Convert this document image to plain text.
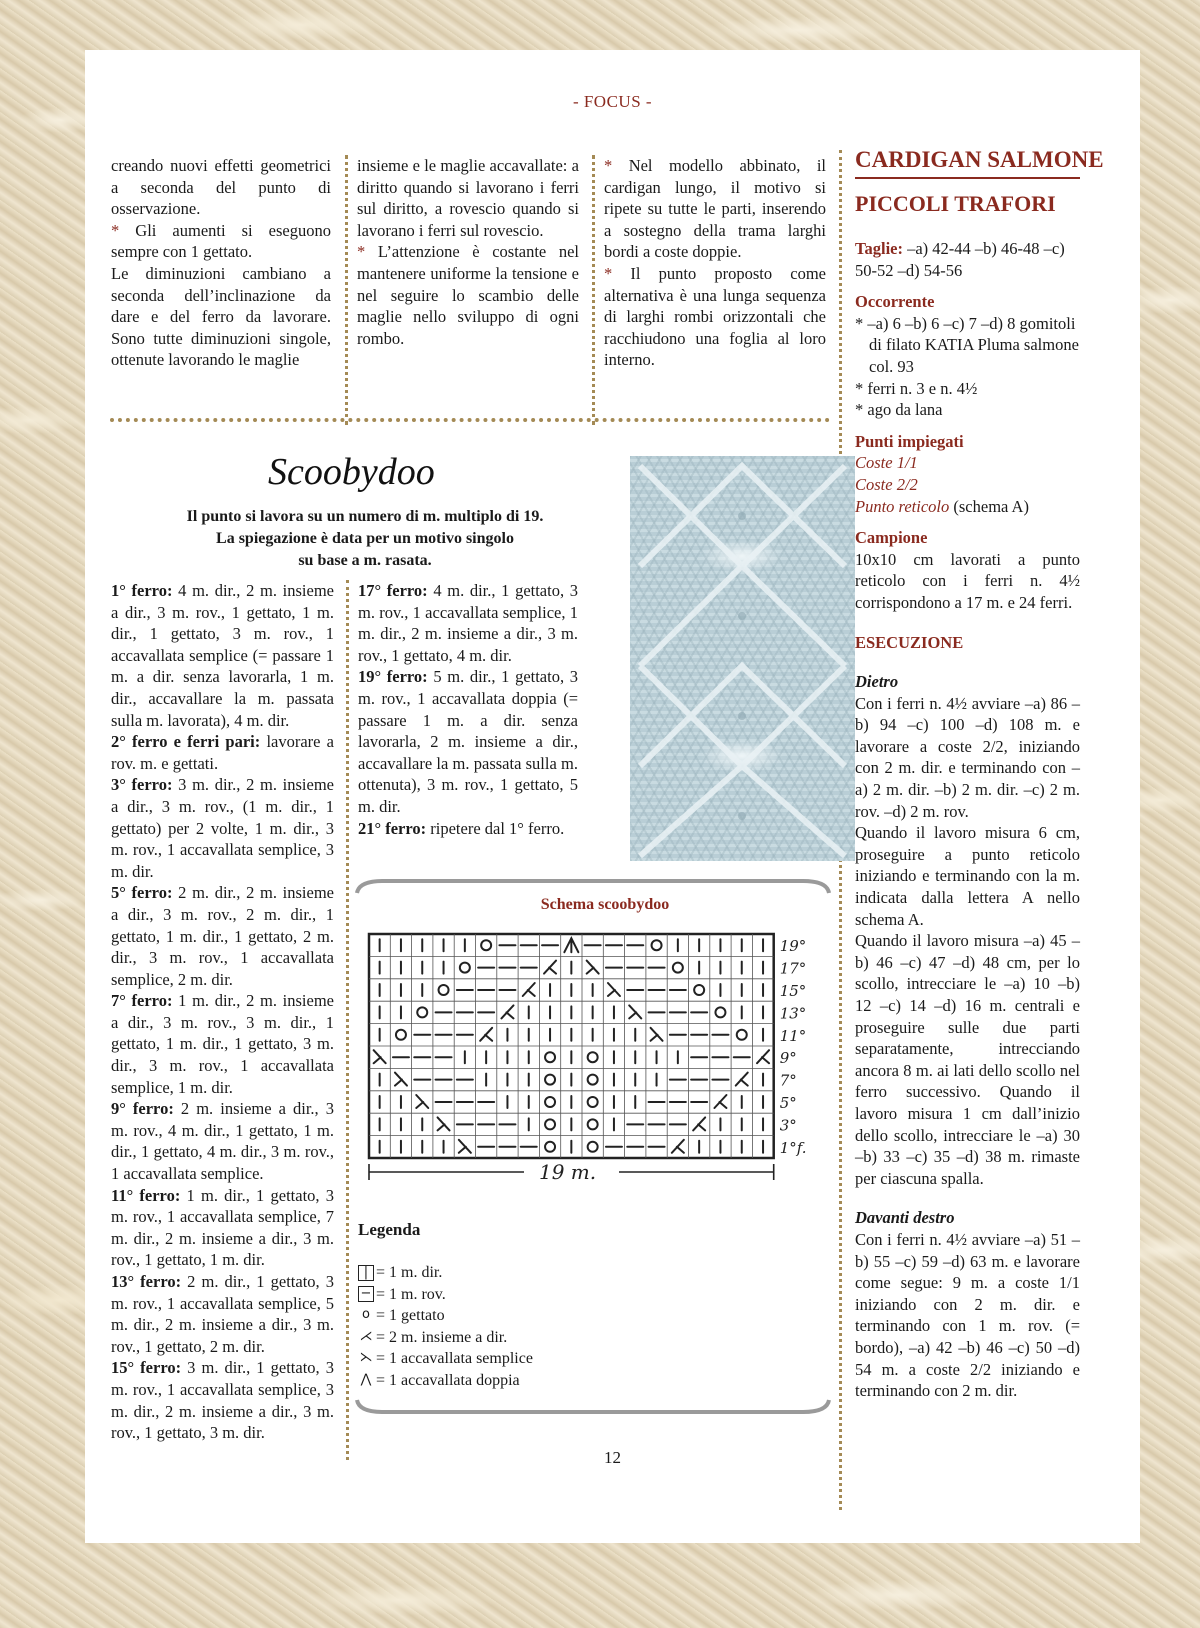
- FOCUS -

creando nuovi effetti geometrici a seconda del punto di osservazione.

* Gli aumenti si eseguono sempre con 1 gettato.

Le diminuzioni cambiano a seconda dell’inclinazione da dare e del ferro da lavorare. Sono tutte diminuzioni singole, ottenute lavorando le maglie

insieme e le maglie accavallate: a diritto quando si lavorano i ferri sul diritto, a rovescio quando si lavorano i ferri sul rovescio.

* L’attenzione è costante nel mantenere uniforme la tensione e nel seguire lo scambio delle maglie nello sviluppo di ogni rombo.

* Nel modello abbinato, il cardigan lungo, il motivo si ripete su tutte le parti, inserendo a sostegno della trama larghi bordi a coste doppie.

* Il punto proposto come alternativa è una lunga sequenza di larghi rombi orizzontali che racchiudono una foglia al loro interno.

Scoobydoo
Il punto si lavora su un numero di m. multiplo di 19.
La spiegazione è data per un motivo singolo
su base a m. rasata.

1° ferro: 4 m. dir., 2 m. insieme a dir., 3 m. rov., 1 gettato, 1 m. dir., 1 gettato, 3 m. rov., 1 accavallata semplice (= passare 1 m. a dir. senza lavorarla, 1 m. dir., accavallare la m. passata sulla m. lavorata), 4 m. dir.

2° ferro e ferri pari: lavorare a rov. m. e gettati.

3° ferro: 3 m. dir., 2 m. insieme a dir., 3 m. rov., (1 m. dir., 1 gettato) per 2 volte, 1 m. dir., 3 m. rov., 1 accavallata semplice, 3 m. dir.

5° ferro: 2 m. dir., 2 m. insieme a dir., 3 m. rov., 2 m. dir., 1 gettato, 1 m. dir., 1 gettato, 2 m. dir., 3 m. rov., 1 accavallata semplice, 2 m. dir.

7° ferro: 1 m. dir., 2 m. insieme a dir., 3 m. rov., 3 m. dir., 1 gettato, 1 m. dir., 1 gettato, 3 m. dir., 3 m. rov., 1 accavallata semplice, 1 m. dir.

9° ferro: 2 m. insieme a dir., 3 m. rov., 4 m. dir., 1 gettato, 1 m. dir., 1 gettato, 4 m. dir., 3 m. rov., 1 accavallata semplice.

11° ferro: 1 m. dir., 1 gettato, 3 m. rov., 1 accavallata semplice, 7 m. dir., 2 m. insieme a dir., 3 m. rov., 1 gettato, 1 m. dir.

13° ferro: 2 m. dir., 1 gettato, 3 m. rov., 1 accavallata semplice, 5 m. dir., 2 m. insieme a dir., 3 m. rov., 1 gettato, 2 m. dir.

15° ferro: 3 m. dir., 1 gettato, 3 m. rov., 1 accavallata semplice, 3 m. dir., 2 m. insieme a dir., 3 m. rov., 1 gettato, 3 m. dir.

17° ferro: 4 m. dir., 1 gettato, 3 m. rov., 1 accavallata semplice, 1 m. dir., 2 m. insieme a dir., 3 m. rov., 1 gettato, 4 m. dir.

19° ferro: 5 m. dir., 1 gettato, 3 m. rov., 1 accavallata doppia (= passare 1 m. a dir. senza lavorarla, 2 m. insieme a dir., accavallare la m. passata sulla m. ottenuta), 3 m. rov., 1 gettato, 5 m. dir.

21° ferro: ripetere dal 1° ferro.

Schema scoobydoo
19°
17°
15°
13°
11°
9°
7°
5°
3°
1°f.
19 m.
Legenda
| = 1 m. dir.
− = 1 m. rov.
o = 1 gettato
⋌ = 2 m. insieme a dir.
⋋ = 1 accavallata semplice
⋀ = 1 accavallata doppia
CARDIGAN SALMONE
PICCOLI TRAFORI

Taglie: –a) 42-44 –b) 46-48 –c) 50-52 –d) 54-56

Occorrente

* –a) 6 –b) 6 –c) 7 –d) 8 gomitoli di filato KATIA Pluma salmone col. 93

* ferri n. 3 e n. 4½

* ago da lana

Punti impiegati

Coste 1/1

Coste 2/2

Punto reticolo (schema A)

Campione

10x10 cm lavorati a punto reticolo con i ferri n. 4½ corrispondono a 17 m. e 24 ferri.

ESECUZIONE

Dietro

Con i ferri n. 4½ avviare –a) 86 –b) 94 –c) 100 –d) 108 m. e lavorare a coste 2/2, iniziando con 2 m. dir. e terminando con –a) 2 m. dir. –b) 2 m. dir. –c) 2 m. rov. –d) 2 m. rov.

Quando il lavoro misura 6 cm, proseguire a punto reticolo iniziando e terminando con la m. indicata dalla lettera A nello schema A.

Quando il lavoro misura –a) 45 –b) 46 –c) 47 –d) 48 cm, per lo scollo, intrecciare le –a) 10 –b) 12 –c) 14 –d) 16 m. centrali e proseguire sulle due parti separatamente, intrecciando ancora 8 m. ai lati dello scollo nel ferro successivo. Quando il lavoro misura 1 cm dall’inizio dello scollo, intrecciare le –a) 30 –b) 33 –c) 35 –d) 38 m. rimaste per ciascuna spalla.

Davanti destro

Con i ferri n. 4½ avviare –a) 51 –b) 55 –c) 59 –d) 63 m. e lavorare come segue: 9 m. a coste 1/1 iniziando con 2 m. dir. e terminando con 1 m. rov. (= bordo), –a) 42 –b) 46 –c) 50 –d) 54 m. a coste 2/2 iniziando e terminando con 2 m. dir.

12
